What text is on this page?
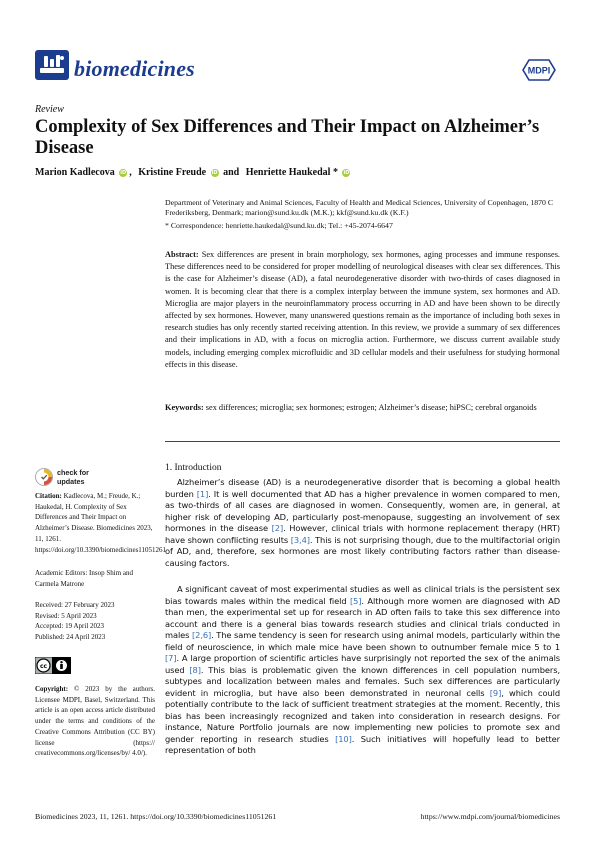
biomedicines	MDPI
Review
Complexity of Sex Differences and Their Impact on Alzheimer’s Disease
Marion Kadlecova iD , Kristine Freude iD and Henriette Haukedal * iD
Department of Veterinary and Animal Sciences, Faculty of Health and Medical Sciences, University of Copenhagen, 1870 C Frederiksberg, Denmark; marion@sund.ku.dk (M.K.); kkf@sund.ku.dk (K.F.)
* Correspondence: henriette.haukedal@sund.ku.dk; Tel.: +45-2074-6647
Abstract: Sex differences are present in brain morphology, sex hormones, aging processes and immune responses. These differences need to be considered for proper modelling of neurological diseases with clear sex differences. This is the case for Alzheimer’s disease (AD), a fatal neurodegenerative disorder with two-thirds of cases diagnosed in women. It is becoming clear that there is a complex interplay between the immune system, sex hormones and AD. Microglia are major players in the neuroinflammatory process occurring in AD and have been shown to be directly affected by sex hormones. However, many unanswered questions remain as the importance of including both sexes in research studies has only recently started receiving attention. In this review, we provide a summary of sex differences and their implications in AD, with a focus on microglia action. Furthermore, we discuss current available study models, including emerging complex microfluidic and 3D cellular models and their usefulness for studying hormonal effects in this disease.
Keywords: sex differences; microglia; sex hormones; estrogen; Alzheimer’s disease; hiPSC; cerebral organoids
check for updates
Citation: Kadlecova, M.; Freude, K.; Haukedal, H. Complexity of Sex Differences and Their Impact on Alzheimer’s Disease. Biomedicines 2023, 11, 1261. https://doi.org/10.3390/biomedicines11051261
Academic Editors: Insop Shim and Carmela Matrone
Received: 27 February 2023
Revised: 5 April 2023
Accepted: 19 April 2023
Published: 24 April 2023
cc
Copyright: © 2023 by the authors. Licensee MDPI, Basel, Switzerland. This article is an open access article distributed under the terms and conditions of the Creative Commons Attribution (CC BY) license (https:// creativecommons.org/licenses/by/ 4.0/).
1. Introduction
Alzheimer’s disease (AD) is a neurodegenerative disorder that is becoming a global health burden [1]. It is well documented that AD has a higher prevalence in women compared to men, as two-thirds of all cases are diagnosed in women. Consequently, women are, in general, at higher risk of developing AD, particularly post-menopause, suggesting an involvement of sex hormones in the disease [2]. However, clinical trials with hormone replacement therapy (HRT) have shown conflicting results [3,4]. This is not surprising though, due to the multifactorial origin of AD, and, therefore, sex hormones are most likely contributing factors rather than disease-causing factors.
A significant caveat of most experimental studies as well as clinical trials is the persistent sex bias towards males within the medical field [5]. Although more women are diagnosed with AD than men, the experimental set up for research in AD often fails to take this sex difference into account and there is a general bias towards research studies and clinical trials conducted in males [2,6]. The same tendency is seen for research using animal models, particularly within the field of neuroscience, in which male mice have been shown to outnumber female mice 5 to 1 [7]. A large proportion of scientific articles have surprisingly not reported the sex of the animals used [8]. This bias is problematic given the known differences in cell population numbers, subtypes and localization between males and females. Such sex differences are particularly evident in microglia, but have also been demonstrated in neuronal cells [9], which could potentially contribute to the lack of sufficient treatment strategies at the moment. Recently, this bias has been increasingly recognized and taken into consideration in research designs. For instance, Nature Portfolio journals are now implementing new policies to promote sex and gender reporting in research studies [10]. Such initiatives will hopefully lead to better representation of both
Biomedicines 2023, 11, 1261. https://doi.org/10.3390/biomedicines11051261	https://www.mdpi.com/journal/biomedicines
